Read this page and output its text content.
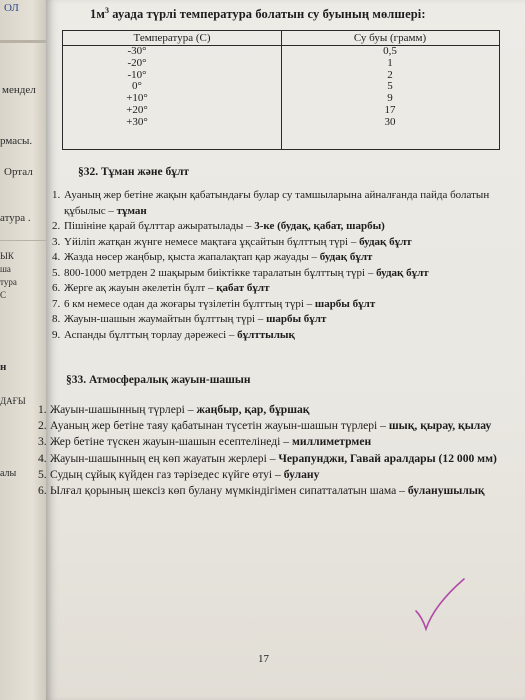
ОЛ
мендел
рмасы.
Ортал
атура .
ЫК
ша
тура
С
н
ДАҒЫ
алы
$1м^3$ ауада түрлі температура болатын су буының мөлшері:
Температура (С)
-30°
-20°
-10°
0°
+10°
+20°
+30°
Су буы (грамм)
0,5
1
2
5
9
17
30
§32. Тұман және бұлт
1. Ауаның жер бетіне жақын қабатындағы булар су тамшыларына айналғанда пайда болатын құбылыс – тұман
2. Пішініне қарай бұлттар ажыратылады – 3-ке (будақ, қабат, шарбы)
3. Үйіліп жатқан жүнге немесе мақтаға ұқсайтын бұлттың түрі – будақ бұлт
4. Жазда нөсер жаңбыр, қыста жапалақтап қар жауады – будақ бұлт
5. 800-1000 метрден 2 шақырым биіктікке таралатын бұлттың түрі – будақ бұлт
6. Жерге ақ жауын әкелетін бұлт – қабат бұлт
7. 6 км немесе одан да жоғары түзілетін бұлттың түрі – шарбы бұлт
8. Жауын-шашын жаумайтын бұлттың түрі – шарбы бұлт
9. Аспанды бұлттың торлау дәрежесі – бұлттылық
§33. Атмосфералық жауын-шашын
1. Жауын-шашынның түрлері – жаңбыр, қар, бұршақ
2. Ауаның жер бетіне таяу қабатынан түсетін жауын-шашын түрлері – шық, қырау, қылау
3. Жер бетіне түскен жауын-шашын есептелінеді – миллиметрмен
4. Жауын-шашынның ең көп жауатын жерлері – Черапунджи, Гавай аралдары (12 000 мм)
5. Судың сұйық күйден газ тәрізедес күйге өтуі – булану
6. Ылғал қорының шексіз көп булану мүмкіндігімен сипатталатын шама – буланушылық
17
